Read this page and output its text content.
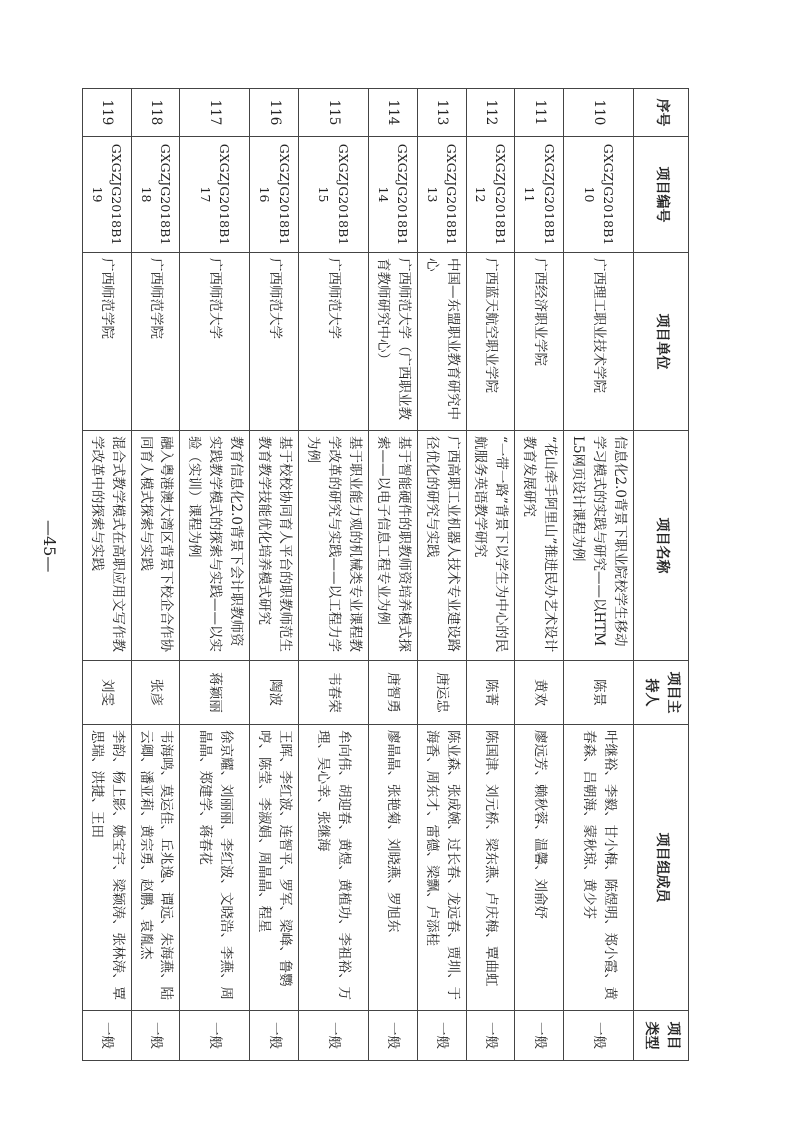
序号	项目编号	项目单位	项目名称	项目主持人	项目组成员	项目类型
110	GXGZJG2018B110	广西理工职业技术学院	信息化2.0背景下职业院校学生移动学习模式的实践与研究——以HTML5网页设计课程为例	陈景	叶继裕、李毅、甘小梅、陈煜明、郑小霞、黄春森、吕朝海、蒙秋琼、黄少芬	一般
111	GXGZJG2018B111	广西经济职业学院	“花山牵手阿里山”推进民办艺术设计教育发展研究	黄欢	廖远芳、赖秋蓉、温馨、刘俞妤	一般
112	GXGZJG2018B112	广西蓝天航空职业学院	“一带一路”背景下以学生为中心的民航服务英语教学研究	陈菁	陈国津、刘元桥、梁东燕、卢庆梅、覃曲虹	一般
113	GXGZJG2018B113	中国—东盟职业教育研究中心	广西高职工业机器人技术专业建设路径优化的研究与实践	唐运忠	陈业森、张成婉、过长春、龙远春、贾圳、于海香、周东才、雷德、梁飘、卢添桂	一般
114	GXGZJG2018B114	广西师范大学（广西职业教育教师研究中心）	基于智能硬件的职教师资培养模式探索——以电子信息工程专业为例	唐智勇	廖晶晶、张艳菊、刘晓燕、罗旭东	一般
115	GXGZJG2018B115	广西师范大学	基于职业能力观的机械类专业课程教学改革的研究与实践——以工程力学为例	韦春荣	牟向伟、胡迎春、黄煜、黄植功、李祖裕、万理、吴心幸、张继海	一般
116	GXGZJG2018B116	广西师范大学	基于校校协同育人平台的职教师范生教育教学技能优化培养模式研究	陶波	王晖、李红波、连智平、罗军、梁峰、鲁鹦哼、陈莹、李淑娟、周晶晶、程星	一般
117	GXGZJG2018B117	广西师范大学	教育信息化2.0背景下会计职教师资实践教学模式的探索与实践——以实验（实训）课程为例	蒋颖丽	徐京耀、刘丽丽、李红波、文晓浩、李燕、周晶晶、郑建学、蒋春花	一般
118	GXGZJG2018B118	广西师范学院	融入粤港澳大湾区背景下校企合作协同育人模式探索与实践	张彦	韦海鸣、莫运佳、丘兆逸、谭远、朱海燕、陆云卿、潘亚莉、黄宗勇、赵鹏、袁胤杰	一般
119	GXGZJG2018B119	广西师范学院	混合式教学模式在高职应用文写作教学改革中的探索与实践	刘雯	李韵、杨上影、姚宝宇、梁颖涛、张林涛、覃思瑞、洪捷、王田	一般
—45—
